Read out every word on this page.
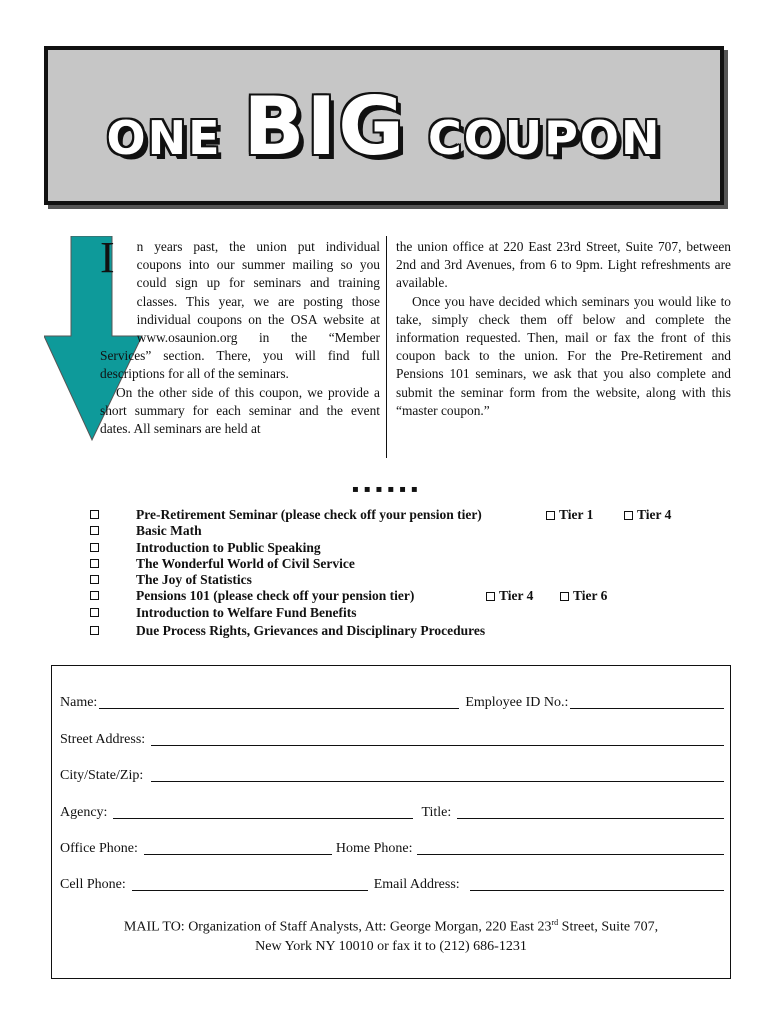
ONE BIG COUPON
I	n years past, the union put individual coupons into our summer mailing so you could sign up for seminars and training classes. This year, we are posting those individual coupons on the OSA website at www.osaunion.org in the “Member Services” section. There, you will find full descriptions for all of the seminars.

On the other side of this coupon, we provide a short summary for each seminar and the event dates. All seminars are held at

the union office at 220 East 23rd Street, Suite 707, between 2nd and 3rd Avenues, from 6 to 9pm. Light refreshments are available.

Once you have decided which seminars you would like to take, simply check them off below and complete the information requested. Then, mail or fax the front of this coupon back to the union. For the Pre-Retirement and Pensions 101 seminars, we ask that you also complete and submit the seminar form from the website, along with this “master coupon.”

▪▪▪▪▪▪
Pre-Retirement Seminar (please check off your pension tier)	Tier 1	Tier 4
Basic Math
Introduction to Public Speaking
The Wonderful World of Civil Service
The Joy of Statistics
Pensions 101 (please check off your pension tier)	Tier 4	Tier 6
Introduction to Welfare Fund Benefits
Due Process Rights, Grievances and Disciplinary Procedures
Name:	Employee ID No.:
Street Address:
City/State/Zip:
Agency:	Title:
Office Phone:	Home Phone:
Cell Phone:	Email Address:
MAIL TO: Organization of Staff Analysts, Att: George Morgan, 220 East 23rd Street, Suite 707,
New York NY 10010 or fax it to (212) 686-1231
